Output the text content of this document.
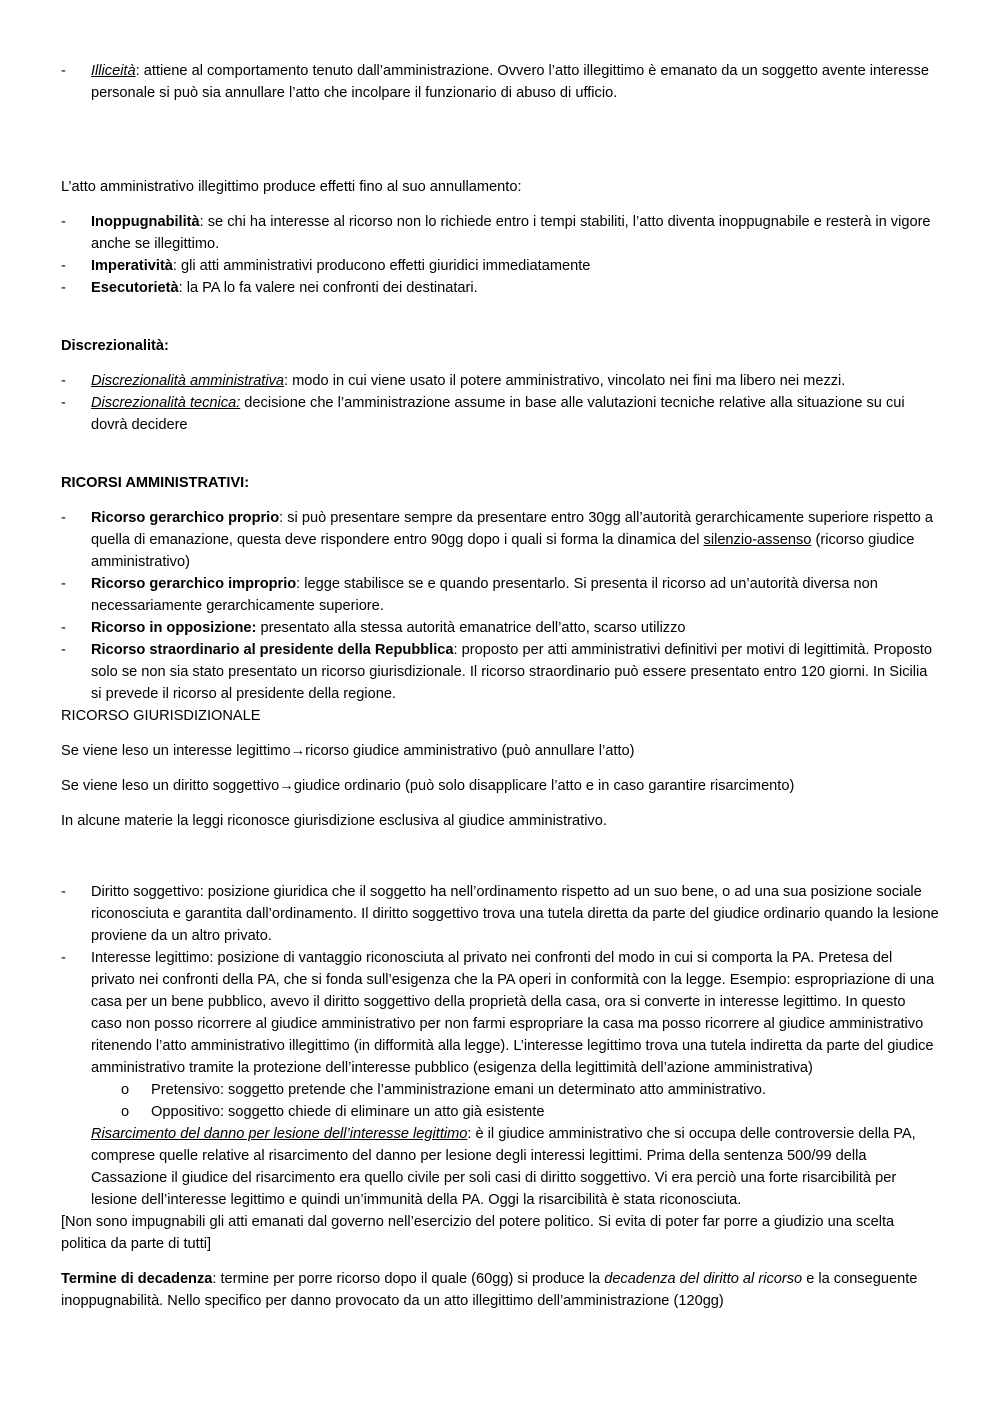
- Illiceità: attiene al comportamento tenuto dall’amministrazione. Ovvero l’atto illegittimo è emanato da un soggetto avente interesse personale si può sia annullare l’atto che incolpare il funzionario di abuso di ufficio.

L’atto amministrativo illegittimo produce effetti fino al suo annullamento:

- Inoppugnabilità: se chi ha interesse al ricorso non lo richiede entro i tempi stabiliti, l’atto diventa inoppugnabile e resterà in vigore anche se illegittimo.
- Imperatività: gli atti amministrativi producono effetti giuridici immediatamente
- Esecutorietà: la PA lo fa valere nei confronti dei destinatari.

Discrezionalità:

- Discrezionalità amministrativa: modo in cui viene usato il potere amministrativo, vincolato nei fini ma libero nei mezzi.
- Discrezionalità tecnica: decisione che l’amministrazione assume in base alle valutazioni tecniche relative alla situazione su cui dovrà decidere

RICORSI AMMINISTRATIVI:

- Ricorso gerarchico proprio: si può presentare sempre da presentare entro 30gg all’autorità gerarchicamente superiore rispetto a quella di emanazione, questa deve rispondere entro 90gg dopo i quali si forma la dinamica del silenzio-assenso (ricorso giudice amministrativo)
- Ricorso gerarchico improprio: legge stabilisce se e quando presentarlo. Si presenta il ricorso ad un’autorità diversa non necessariamente gerarchicamente superiore.
- Ricorso in opposizione: presentato alla stessa autorità emanatrice dell’atto, scarso utilizzo
- Ricorso straordinario al presidente della Repubblica: proposto per atti amministrativi definitivi per motivi di legittimità. Proposto solo se non sia stato presentato un ricorso giurisdizionale. Il ricorso straordinario può essere presentato entro 120 giorni. In Sicilia si prevede il ricorso al presidente della regione.

RICORSO GIURISDIZIONALE

Se viene leso un interesse legittimo→ricorso giudice amministrativo (può annullare l’atto)

Se viene leso un diritto soggettivo→giudice ordinario (può solo disapplicare l’atto e in caso garantire risarcimento)

In alcune materie la leggi riconosce giurisdizione esclusiva al giudice amministrativo.

- Diritto soggettivo: posizione giuridica che il soggetto ha nell’ordinamento rispetto ad un suo bene, o ad una sua posizione sociale riconosciuta e garantita dall’ordinamento. Il diritto soggettivo trova una tutela diretta da parte del giudice ordinario quando la lesione proviene da un altro privato.
- Interesse legittimo: posizione di vantaggio riconosciuta al privato nei confronti del modo in cui si comporta la PA. Pretesa del privato nei confronti della PA, che si fonda sull’esigenza che la PA operi in conformità con la legge. Esempio: espropriazione di una casa per un bene pubblico, avevo il diritto soggettivo della proprietà della casa, ora si converte in interesse legittimo. In questo caso non posso ricorrere al giudice amministrativo per non farmi espropriare la casa ma posso ricorrere al giudice amministrativo ritenendo l’atto amministrativo illegittimo (in difformità alla legge). L’interesse legittimo trova una tutela indiretta da parte del giudice amministrativo tramite la protezione dell’interesse pubblico (esigenza della legittimità dell’azione amministrativa)
o Pretensivo: soggetto pretende che l’amministrazione emani un determinato atto amministrativo.
o Oppositivo: soggetto chiede di eliminare un atto già esistente

Risarcimento del danno per lesione dell’interesse legittimo: è il giudice amministrativo che si occupa delle controversie della PA, comprese quelle relative al risarcimento del danno per lesione degli interessi legittimi. Prima della sentenza 500/99 della Cassazione il giudice del risarcimento era quello civile per soli casi di diritto soggettivo. Vi era perciò una forte risarcibilità per lesione dell’interesse legittimo e quindi un’immunità della PA. Oggi la risarcibilità è stata riconosciuta.

[Non sono impugnabili gli atti emanati dal governo nell’esercizio del potere politico. Si evita di poter far porre a giudizio una scelta politica da parte di tutti]

Termine di decadenza: termine per porre ricorso dopo il quale (60gg) si produce la decadenza del diritto al ricorso e la conseguente inoppugnabilità. Nello specifico per danno provocato da un atto illegittimo dell’amministrazione (120gg)
